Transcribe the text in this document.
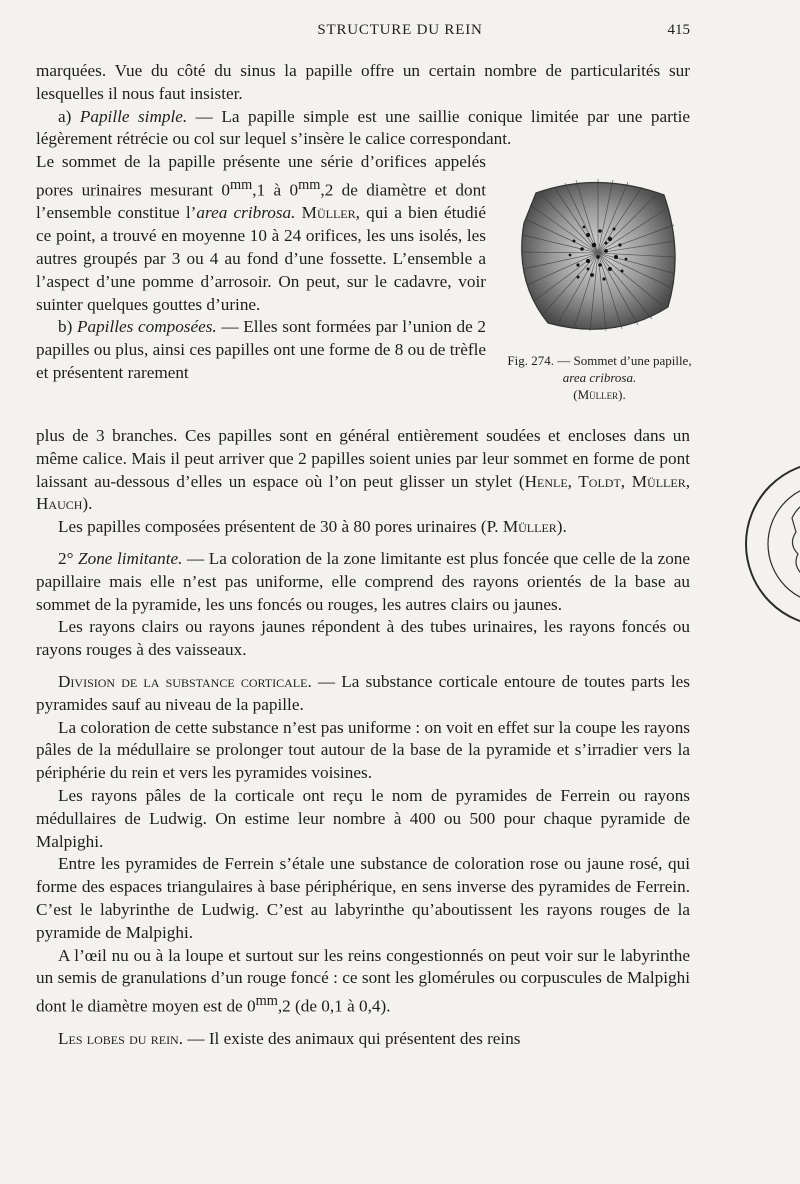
STRUCTURE DU REIN	415

marquées. Vue du côté du sinus la papille offre un certain nombre de particularités sur lesquelles il nous faut insister.

a) Papille simple. — La papille simple est une saillie conique limitée par une partie légèrement rétrécie ou col sur lequel s’insère le calice correspondant.

Le sommet de la papille présente une série d’orifices appelés pores urinaires mesurant $0^{mm},1$ à $0^{mm},2$ de diamètre et dont l’ensemble constitue l’area cribrosa. Müller, qui a bien étudié ce point, a trouvé en moyenne 10 à 24 orifices, les uns isolés, les autres groupés par 3 ou 4 au fond d’une fossette. L’ensemble a l’aspect d’une pomme d’arrosoir. On peut, sur le cadavre, voir suinter quelques gouttes d’urine.

b) Papilles composées. — Elles sont formées par l’union de 2 papilles ou plus, ainsi ces papilles ont une forme de 8 ou de trèfle et présentent rarement

Fig. 274. — Sommet d’une papille, area cribrosa.
(Müller).

plus de 3 branches. Ces papilles sont en général entièrement soudées et encloses dans un même calice. Mais il peut arriver que 2 papilles soient unies par leur sommet en forme de pont laissant au-dessous d’elles un espace où l’on peut glisser un stylet (Henle, Toldt, Müller, Hauch).

Les papilles composées présentent de 30 à 80 pores urinaires (P. Müller).

2° Zone limitante. — La coloration de la zone limitante est plus foncée que celle de la zone papillaire mais elle n’est pas uniforme, elle comprend des rayons orientés de la base au sommet de la pyramide, les uns foncés ou rouges, les autres clairs ou jaunes.

Les rayons clairs ou rayons jaunes répondent à des tubes urinaires, les rayons foncés ou rayons rouges à des vaisseaux.

Division de la substance corticale. — La substance corticale entoure de toutes parts les pyramides sauf au niveau de la papille.

La coloration de cette substance n’est pas uniforme : on voit en effet sur la coupe les rayons pâles de la médullaire se prolonger tout autour de la base de la pyramide et s’irradier vers la périphérie du rein et vers les pyramides voisines.

Les rayons pâles de la corticale ont reçu le nom de pyramides de Ferrein ou rayons médullaires de Ludwig. On estime leur nombre à 400 ou 500 pour chaque pyramide de Malpighi.

Entre les pyramides de Ferrein s’étale une substance de coloration rose ou jaune rosé, qui forme des espaces triangulaires à base périphérique, en sens inverse des pyramides de Ferrein. C’est le labyrinthe de Ludwig. C’est au labyrinthe qu’aboutissent les rayons rouges de la pyramide de Malpighi.

A l’œil nu ou à la loupe et surtout sur les reins congestionnés on peut voir sur le labyrinthe un semis de granulations d’un rouge foncé : ce sont les glomérules ou corpuscules de Malpighi dont le diamètre moyen est de $0^{mm},2$ (de 0,1 à 0,4).

Les lobes du rein. — Il existe des animaux qui présentent des reins
